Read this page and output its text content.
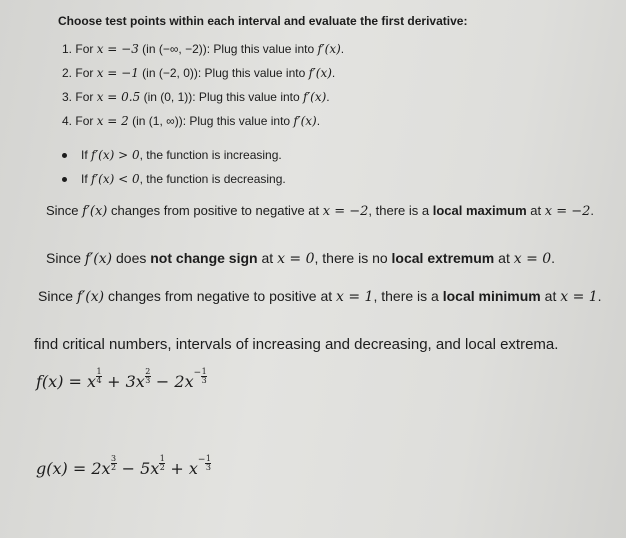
Choose test points within each interval and evaluate the first derivative:
1. For x = −3 (in (−∞, −2)): Plug this value into f′(x).
2. For x = −1 (in (−2, 0)): Plug this value into f′(x).
3. For x = 0.5 (in (0, 1)): Plug this value into f′(x).
4. For x = 2 (in (1, ∞)): Plug this value into f′(x).
If f′(x) > 0, the function is increasing.
If f′(x) < 0, the function is decreasing.
Since f′(x) changes from positive to negative at x = −2, there is a local maximum at x = −2.
Since f′(x) does not change sign at x = 0, there is no local extremum at x = 0.
Since f′(x) changes from negative to positive at x = 1, there is a local minimum at x = 1.
find critical numbers, intervals of increasing and decreasing, and local extrema.
f(x) = x $\frac{1}{4} + 3x \frac{2}{3} - 2x- \frac{1}{3}$
$g(x) = 2x \frac{3}{2} - 5x \frac{1}{2} + x- \frac{1}{3}$
